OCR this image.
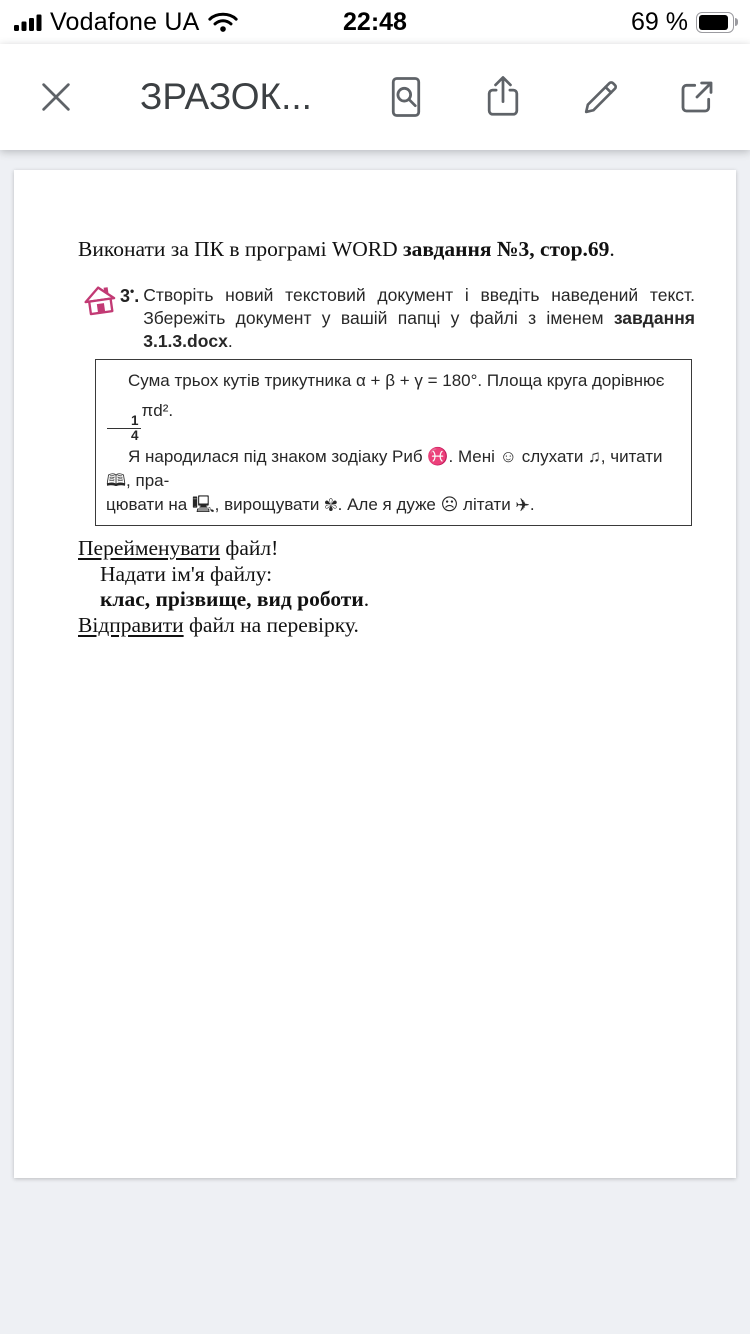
Vodafone UA	22:48	69 %
ЗРАЗОК...

Виконати за ПК в програмі WORD завдання №3, стор.69.

3•. Створіть новий текстовий документ і введіть наведений текст. Збережіть документ у вашій папці у файлі з іменем завдання 3.1.3.docx.

Сума трьох кутів трикутника α + β + γ = 180°. Площа круга дорівнює
$\frac{1}{4}$
πd².

Я народилася під знаком зодіаку Риб ♓. Мені ☺ слухати ♫, читати 🕮, пра-

цювати на 🖳, вирощувати ✾. Але я дуже ☹ літати ✈.

Перейменувати файл!

Надати ім'я файлу:

клас, прізвище, вид роботи.

Відправити файл на перевірку.
